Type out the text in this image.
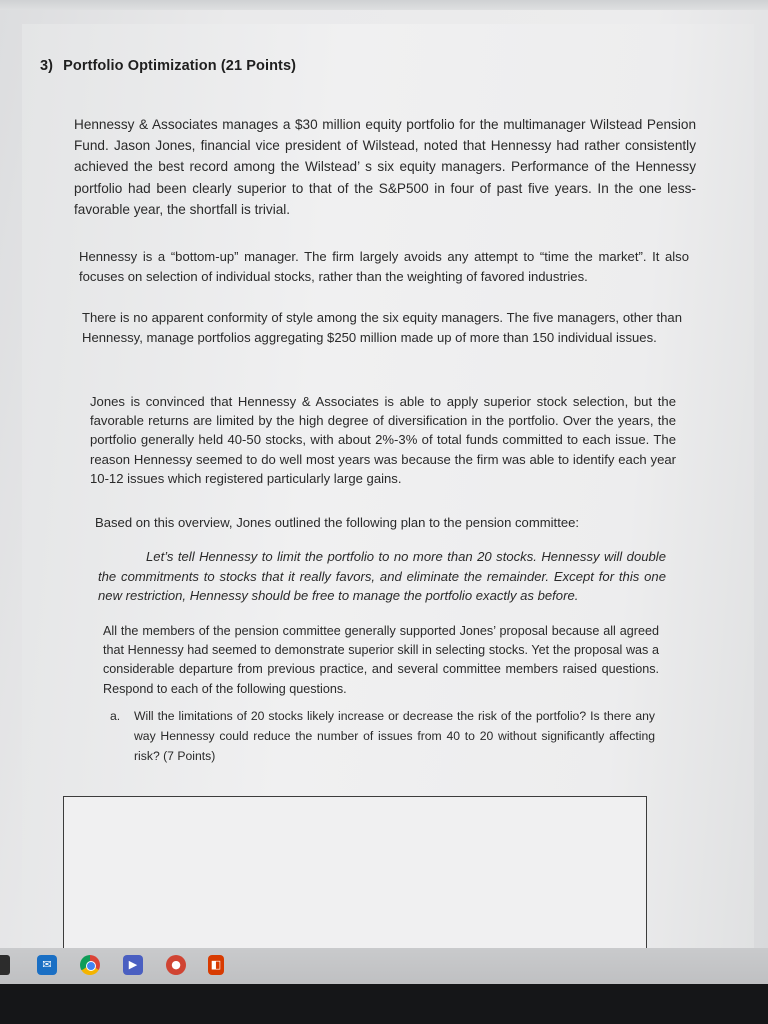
3) Portfolio Optimization (21 Points)

Hennessy & Associates manages a $30 million equity portfolio for the multimanager Wilstead Pension Fund. Jason Jones, financial vice president of Wilstead, noted that Hennessy had rather consistently achieved the best record among the Wilstead’ s six equity managers. Performance of the Hennessy portfolio had been clearly superior to that of the S&P500 in four of past five years. In the one less-favorable year, the shortfall is trivial.

Hennessy is a “bottom-up” manager. The firm largely avoids any attempt to “time the market”. It also focuses on selection of individual stocks, rather than the weighting of favored industries.

There is no apparent conformity of style among the six equity managers. The five managers, other than Hennessy, manage portfolios aggregating $250 million made up of more than 150 individual issues.

Jones is convinced that Hennessy & Associates is able to apply superior stock selection, but the favorable returns are limited by the high degree of diversification in the portfolio. Over the years, the portfolio generally held 40-50 stocks, with about 2%-3% of total funds committed to each issue. The reason Hennessy seemed to do well most years was because the firm was able to identify each year 10-12 issues which registered particularly large gains.

Based on this overview, Jones outlined the following plan to the pension committee:

Let’s tell Hennessy to limit the portfolio to no more than 20 stocks. Hennessy will double the commitments to stocks that it really favors, and eliminate the remainder. Except for this one new restriction, Hennessy should be free to manage the portfolio exactly as before.

All the members of the pension committee generally supported Jones’ proposal because all agreed that Hennessy had seemed to demonstrate superior skill in selecting stocks. Yet the proposal was a considerable departure from previous practice, and several committee members raised questions. Respond to each of the following questions.

a.	Will the limitations of 20 stocks likely increase or decrease the risk of the portfolio? Is there any way Hennessy could reduce the number of issues from 40 to 20 without significantly affecting risk? (7 Points)
✉	▶	●	◧
